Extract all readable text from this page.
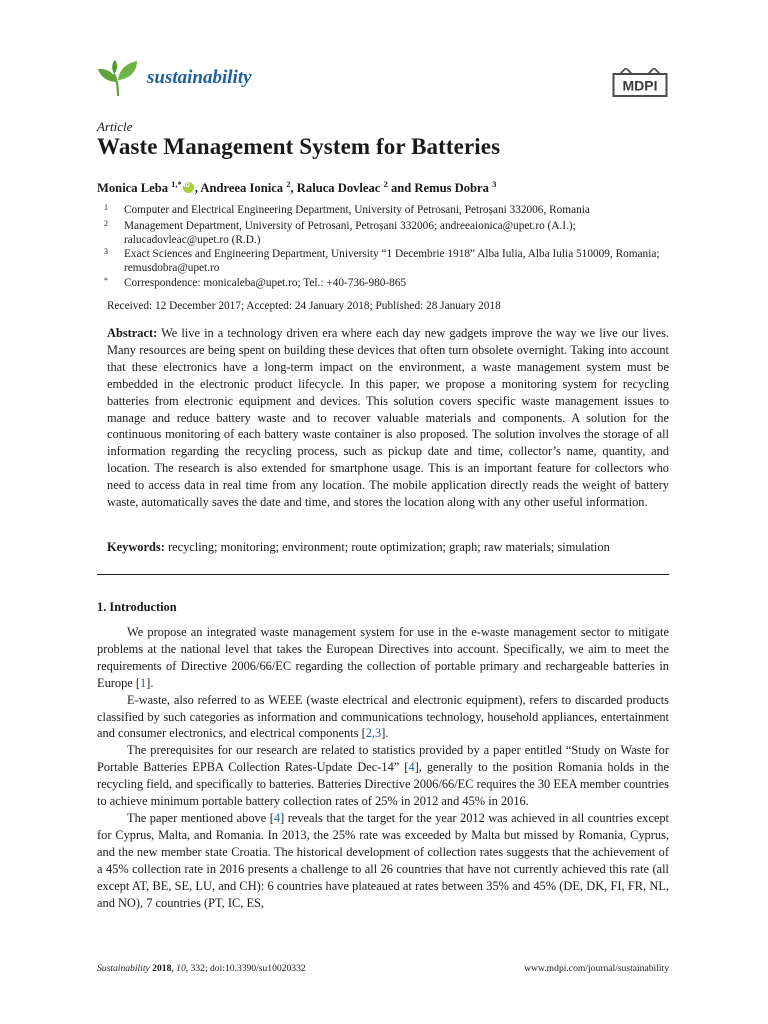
sustainability	MDPI
Article
Waste Management System for Batteries
Monica Leba $^{1,*}$iD , Andreea Ionica $^2$, Raluca Dovleac $^2$ and Remus Dobra $^3$
1 Computer and Electrical Engineering Department, University of Petrosani, Petroșani 332006, Romania
2 Management Department, University of Petrosani, Petroșani 332006; andreeaionica@upet.ro (A.I.); ralucadovleac@upet.ro (R.D.)
3 Exact Sciences and Engineering Department, University “1 Decembrie 1918” Alba Iulia, Alba Iulia 510009, Romania; remusdobra@upet.ro
* Correspondence: monicaleba@upet.ro; Tel.: +40-736-980-865
Received: 12 December 2017; Accepted: 24 January 2018; Published: 28 January 2018

Abstract: We live in a technology driven era where each day new gadgets improve the way we live our lives. Many resources are being spent on building these devices that often turn obsolete overnight. Taking into account that these electronics have a long-term impact on the environment, a waste management system must be embedded in the electronic product lifecycle. In this paper, we propose a monitoring system for recycling batteries from electronic equipment and devices. This solution covers specific waste management issues to manage and reduce battery waste and to recover valuable materials and components. A solution for the continuous monitoring of each battery waste container is also proposed. The solution involves the storage of all information regarding the recycling process, such as pickup date and time, collector’s name, quantity, and location. The research is also extended for smartphone usage. This is an important feature for collectors who need to access data in real time from any location. The mobile application directly reads the weight of battery waste, automatically saves the date and time, and stores the location along with any other useful information.

Keywords: recycling; monitoring; environment; route optimization; graph; raw materials; simulation
1. Introduction

We propose an integrated waste management system for use in the e-waste management sector to mitigate problems at the national level that takes the European Directives into account. Specifically, we aim to meet the requirements of Directive 2006/66/EC regarding the collection of portable primary and rechargeable batteries in Europe [1].

E-waste, also referred to as WEEE (waste electrical and electronic equipment), refers to discarded products classified by such categories as information and communications technology, household appliances, entertainment and consumer electronics, and electrical components [2,3].

The prerequisites for our research are related to statistics provided by a paper entitled “Study on Waste for Portable Batteries EPBA Collection Rates-Update Dec-14” [4], generally to the position Romania holds in the recycling field, and specifically to batteries. Batteries Directive 2006/66/EC requires the 30 EEA member countries to achieve minimum portable battery collection rates of 25% in 2012 and 45% in 2016.

The paper mentioned above [4] reveals that the target for the year 2012 was achieved in all countries except for Cyprus, Malta, and Romania. In 2013, the 25% rate was exceeded by Malta but missed by Romania, Cyprus, and the new member state Croatia. The historical development of collection rates suggests that the achievement of a 45% collection rate in 2016 presents a challenge to all 26 countries that have not currently achieved this rate (all except AT, BE, SE, LU, and CH): 6 countries have plateaued at rates between 35% and 45% (DE, DK, FI, FR, NL, and NO), 7 countries (PT, IC, ES,

Sustainability 2018, 10, 332; doi:10.3390/su10020332	www.mdpi.com/journal/sustainability
